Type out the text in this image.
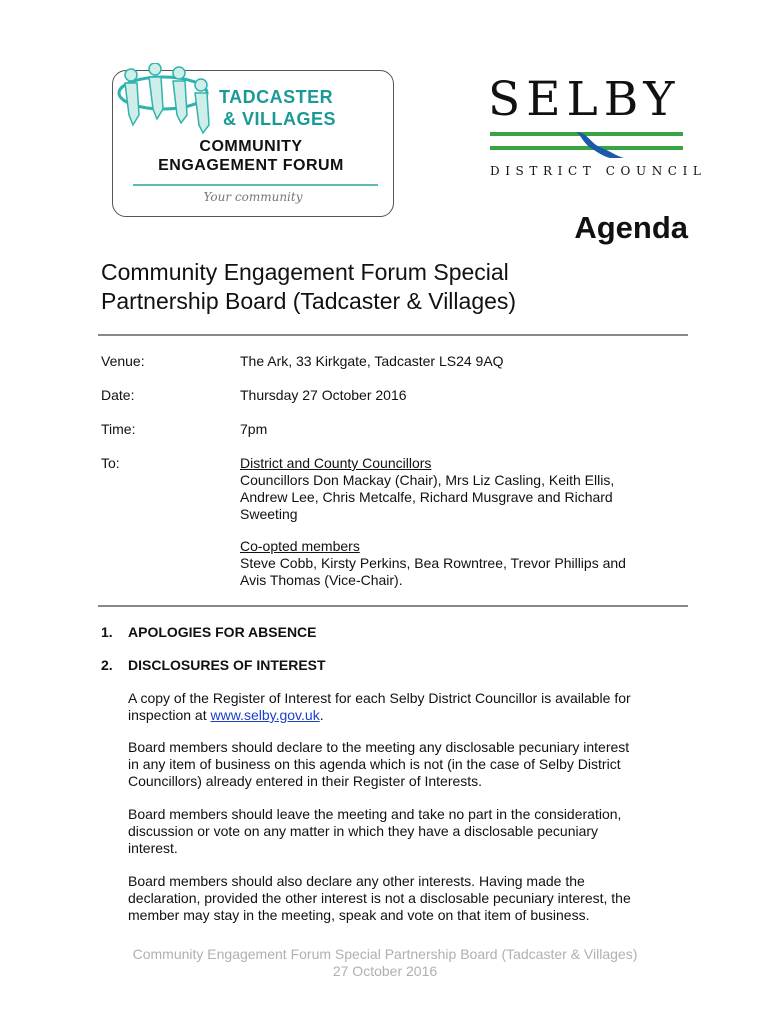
TADCASTER
& VILLAGES
COMMUNITY
ENGAGEMENT FORUM
Your community
SELBY
DISTRICT COUNCIL
Agenda
Community Engagement Forum Special
Partnership Board (Tadcaster & Villages)
Venue:	The Ark, 33 Kirkgate, Tadcaster LS24 9AQ
Date:	Thursday 27 October 2016
Time:	7pm
To:	District and County Councillors
Councillors Don Mackay (Chair), Mrs Liz Casling, Keith Ellis,
Andrew Lee, Chris Metcalfe, Richard Musgrave and Richard
Sweeting
Co-opted members
Steve Cobb, Kirsty Perkins, Bea Rowntree, Trevor Phillips and
Avis Thomas (Vice-Chair).
1. APOLOGIES FOR ABSENCE
2. DISCLOSURES OF INTEREST
A copy of the Register of Interest for each Selby District Councillor is available for
inspection at www.selby.gov.uk.
Board members should declare to the meeting any disclosable pecuniary interest
in any item of business on this agenda which is not (in the case of Selby District
Councillors) already entered in their Register of Interests.
Board members should leave the meeting and take no part in the consideration,
discussion or vote on any matter in which they have a disclosable pecuniary
interest.
Board members should also declare any other interests. Having made the
declaration, provided the other interest is not a disclosable pecuniary interest, the
member may stay in the meeting, speak and vote on that item of business.
Community Engagement Forum Special Partnership Board (Tadcaster & Villages)
27 October 2016
